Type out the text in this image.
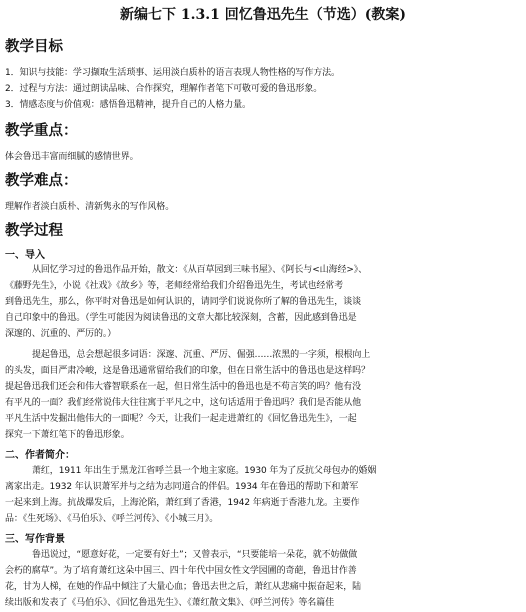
新编七下 1.3.1 回忆鲁迅先生（节选）(教案)
教学目标
1．知识与技能：学习撷取生活琐事、运用淡白质朴的语言表现人物性格的写作方法。
2．过程与方法：通过朗读品味、合作探究，理解作者笔下可敬可爱的鲁迅形象。
3．情感态度与价值观：感悟鲁迅精神，提升自己的人格力量。
教学重点：
体会鲁迅丰富而细腻的感情世界。
教学难点：
理解作者淡白质朴、清新隽永的写作风格。
教学过程
一、导入
从回忆学习过的鲁迅作品开始，散文：《从百草园到三味书屋》、《阿长与<山海经>》、
《藤野先生》，小说《社戏》《故乡》等，老师经常给我们介绍鲁迅先生，考试也经常考
到鲁迅先生，那么，你平时对鲁迅是如何认识的，请同学们说说你所了解的鲁迅先生，谈谈
自己印象中的鲁迅。（学生可能因为阅读鲁迅的文章大都比较深刻，含蓄，因此感到鲁迅是
深邃的、沉重的、严厉的。）
提起鲁迅，总会想起很多词语：深邃、沉重、严厉、倔强……浓黑的一字须，根根向上
的头发，面目严肃冷峻，这是鲁迅通常留给我们的印象，但在日常生活中的鲁迅也是这样吗？
提起鲁迅我们还会和伟大睿智联系在一起，但日常生活中的鲁迅也是不苟言笑的吗？他有没
有平凡的一面？我们经常说伟大往往寓于平凡之中，这句话适用于鲁迅吗？我们是否能从他
平凡生活中发掘出他伟大的一面呢？今天，让我们一起走进萧红的《回忆鲁迅先生》，一起
探究一下萧红笔下的鲁迅形象。
二、作者简介：
萧红，1911 年出生于黑龙江省呼兰县一个地主家庭。1930 年为了反抗父母包办的婚姻
离家出走。1932 年认识萧军并与之结为志同道合的伴侣。1934 年在鲁迅的帮助下和萧军
一起来到上海。抗战爆发后，上海沦陷，萧红到了香港，1942 年病逝于香港九龙。主要作
品：《生死场》、《马伯乐》、《呼兰河传》、《小城三月》。
三、写作背景
鲁迅说过，“愿意好花，一定要有好土”；又曾表示，“只要能培一朵花，就不妨做做
会朽的腐草”。为了培育萧红这朵中国三、四十年代中国女性文学园圃的奇葩，鲁迅甘作善
花，甘为人梯，在她的作品中倾注了大量心血；鲁迅去世之后，萧红从悲痛中振奋起来，陆
续出版和发表了《马伯乐》、《回忆鲁迅先生》、《萧红散文集》、《呼兰河传》等名篇佳
